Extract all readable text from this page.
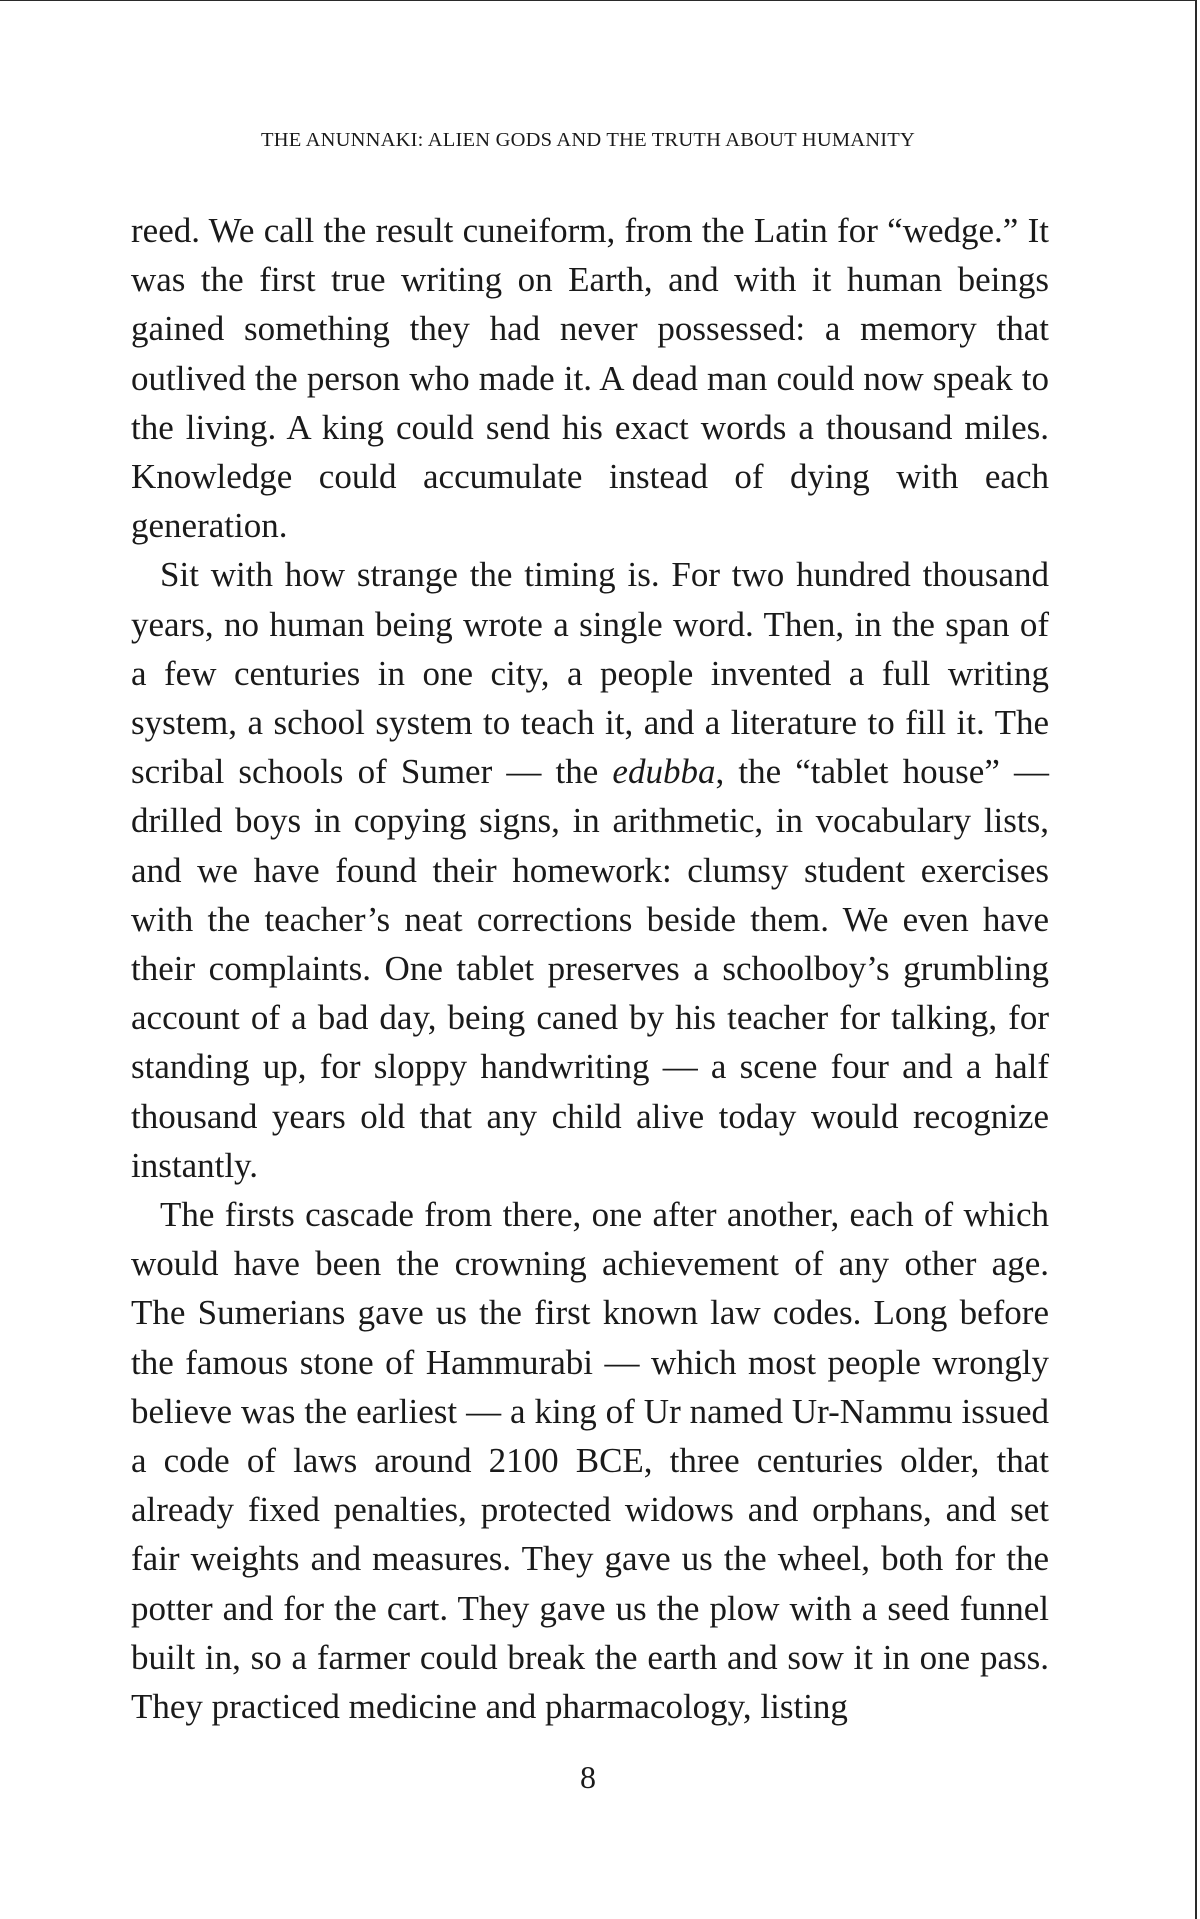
THE ANUNNAKI: ALIEN GODS AND THE TRUTH ABOUT HUMANITY

reed. We call the result cuneiform, from the Latin for “wedge.” It was the first true writing on Earth, and with it human beings gained something they had never possessed: a memory that outlived the person who made it. A dead man could now speak to the living. A king could send his exact words a thousand miles. Knowledge could accumulate instead of dying with each generation.

Sit with how strange the timing is. For two hundred thousand years, no human being wrote a single word. Then, in the span of a few centuries in one city, a people invented a full writing system, a school system to teach it, and a literature to fill it. The scribal schools of Sumer — the edubba, the “tablet house” — drilled boys in copying signs, in arithmetic, in vocabulary lists, and we have found their homework: clumsy student exercises with the teacher’s neat corrections beside them. We even have their complaints. One tablet preserves a schoolboy’s grumbling account of a bad day, being caned by his teacher for talking, for standing up, for sloppy handwriting — a scene four and a half thousand years old that any child alive today would recognize instantly.

The firsts cascade from there, one after another, each of which would have been the crowning achievement of any other age. The Sumerians gave us the first known law codes. Long before the famous stone of Hammurabi — which most people wrongly believe was the earliest — a king of Ur named Ur-Nammu issued a code of laws around 2100 BCE, three centuries older, that already fixed penalties, protected widows and orphans, and set fair weights and measures. They gave us the wheel, both for the potter and for the cart. They gave us the plow with a seed funnel built in, so a farmer could break the earth and sow it in one pass. They practiced medicine and pharmacology, listing

8
